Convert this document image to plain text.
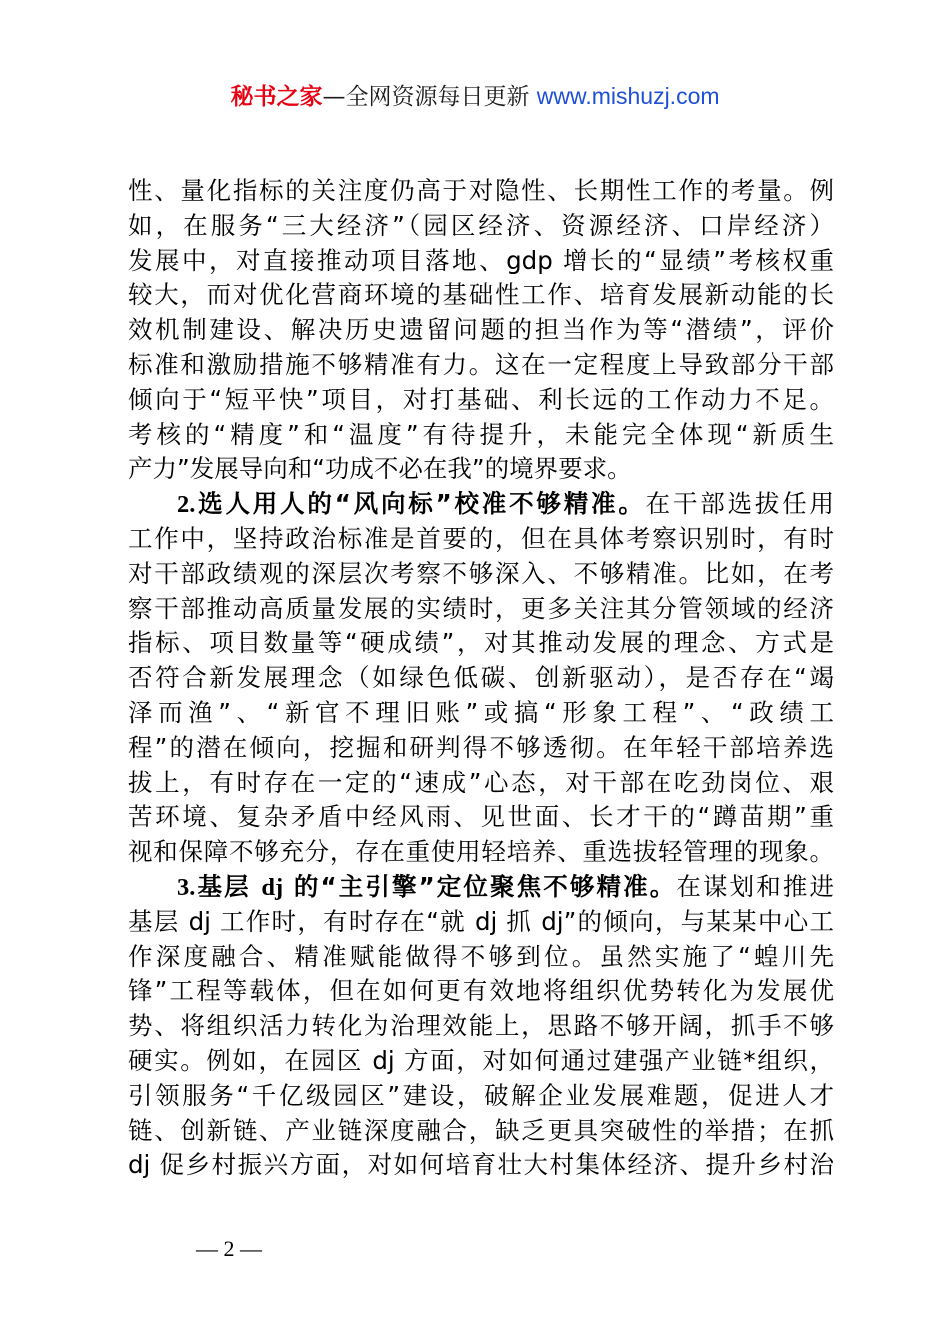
秘书之家—全网资源每日更新 www.mishuzj.com
性、量化指标的关注度仍高于对隐性、长期性工作的考量。例
如，在服务“三大经济”（园区经济、资源经济、口岸经济）
发展中，对直接推动项目落地、gdp 增长的“显绩”考核权重
较大，而对优化营商环境的基础性工作、培育发展新动能的长
效机制建设、解决历史遗留问题的担当作为等“潜绩”，评价
标准和激励措施不够精准有力。这在一定程度上导致部分干部
倾向于“短平快”项目，对打基础、利长远的工作动力不足。
考核的“精度”和“温度”有待提升，未能完全体现“新质生
产力”发展导向和“功成不必在我”的境界要求。
2.选人用人的“风向标”校准不够精准。在干部选拔任用
工作中，坚持政治标准是首要的，但在具体考察识别时，有时
对干部政绩观的深层次考察不够深入、不够精准。比如，在考
察干部推动高质量发展的实绩时，更多关注其分管领域的经济
指标、项目数量等“硬成绩”，对其推动发展的理念、方式是
否符合新发展理念（如绿色低碳、创新驱动），是否存在“竭
泽而渔”、“新官不理旧账”或搞“形象工程”、“政绩工
程”的潜在倾向，挖掘和研判得不够透彻。在年轻干部培养选
拔上，有时存在一定的“速成”心态，对干部在吃劲岗位、艰
苦环境、复杂矛盾中经风雨、见世面、长才干的“蹲苗期”重
视和保障不够充分，存在重使用轻培养、重选拔轻管理的现象。
3.基层 dj 的“主引擎”定位聚焦不够精准。在谋划和推进
基层 dj 工作时，有时存在“就 dj 抓 dj”的倾向，与某某中心工
作深度融合、精准赋能做得不够到位。虽然实施了“蝗川先
锋”工程等载体，但在如何更有效地将组织优势转化为发展优
势、将组织活力转化为治理效能上，思路不够开阔，抓手不够
硬实。例如，在园区 dj 方面，对如何通过建强产业链*组织，
引领服务“千亿级园区”建设，破解企业发展难题，促进人才
链、创新链、产业链深度融合，缺乏更具突破性的举措；在抓
dj 促乡村振兴方面，对如何培育壮大村集体经济、提升乡村治
— 2 —
